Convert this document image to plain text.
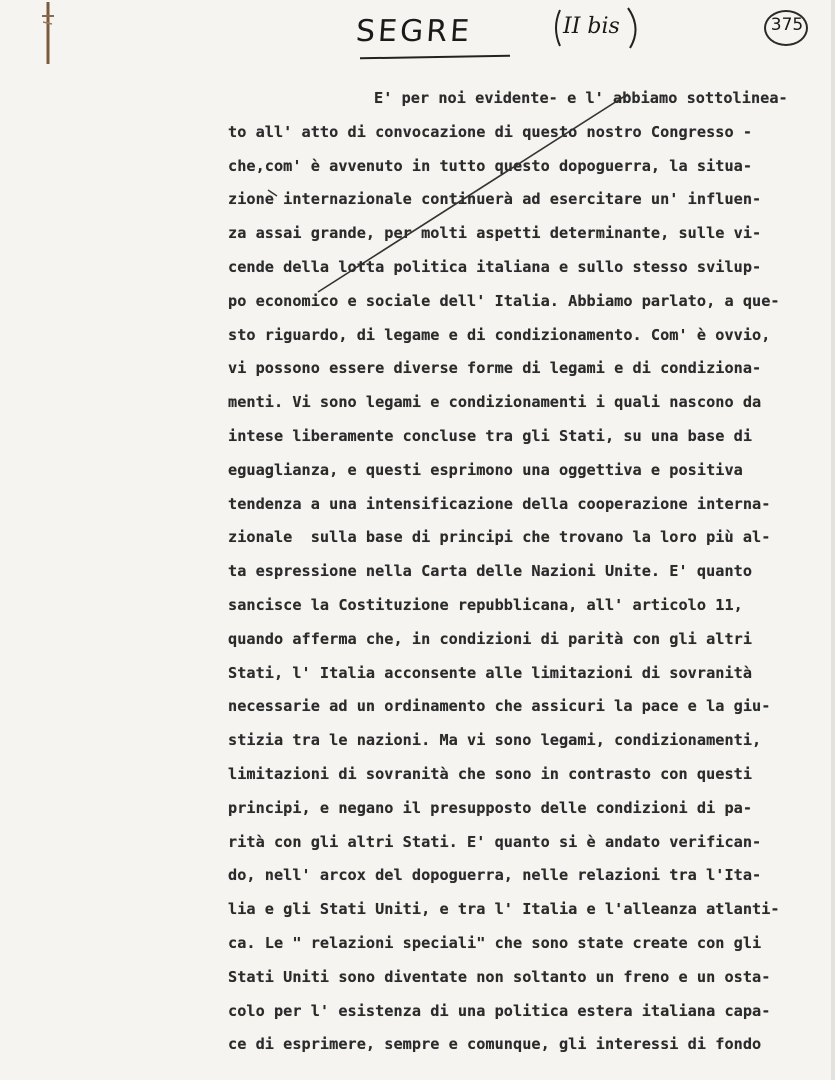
SEGRE	II bis	375
E' per noi evidente- e l' abbiamo sottolinea-
to all' atto di convocazione di questo nostro Congresso -
che,com' è avvenuto in tutto questo dopoguerra, la situa-
zione internazionale continuerà ad esercitare un' influen-
za assai grande, per molti aspetti determinante, sulle vi-
cende della lotta politica italiana e sullo stesso svilup-
po economico e sociale dell' Italia. Abbiamo parlato, a que-
sto riguardo, di legame e di condizionamento. Com' è ovvio,
vi possono essere diverse forme di legami e di condiziona-
menti. Vi sono legami e condizionamenti i quali nascono da
intese liberamente concluse tra gli Stati, su una base di
eguaglianza, e questi esprimono una oggettiva e positiva
tendenza a una intensificazione della cooperazione interna-
zionale  sulla base di principi che trovano la loro più al-
ta espressione nella Carta delle Nazioni Unite. E' quanto
sancisce la Costituzione repubblicana, all' articolo 11,
quando afferma che, in condizioni di parità con gli altri
Stati, l' Italia acconsente alle limitazioni di sovranità
necessarie ad un ordinamento che assicuri la pace e la giu-
stizia tra le nazioni. Ma vi sono legami, condizionamenti,
limitazioni di sovranità che sono in contrasto con questi
principi, e negano il presupposto delle condizioni di pa-
rità con gli altri Stati. E' quanto si è andato verifican-
do, nell' arcox del dopoguerra, nelle relazioni tra l'Ita-
lia e gli Stati Uniti, e tra l' Italia e l'alleanza atlanti-
ca. Le " relazioni speciali" che sono state create con gli
Stati Uniti sono diventate non soltanto un freno e un osta-
colo per l' esistenza di una politica estera italiana capa-
ce di esprimere, sempre e comunque, gli interessi di fondo
